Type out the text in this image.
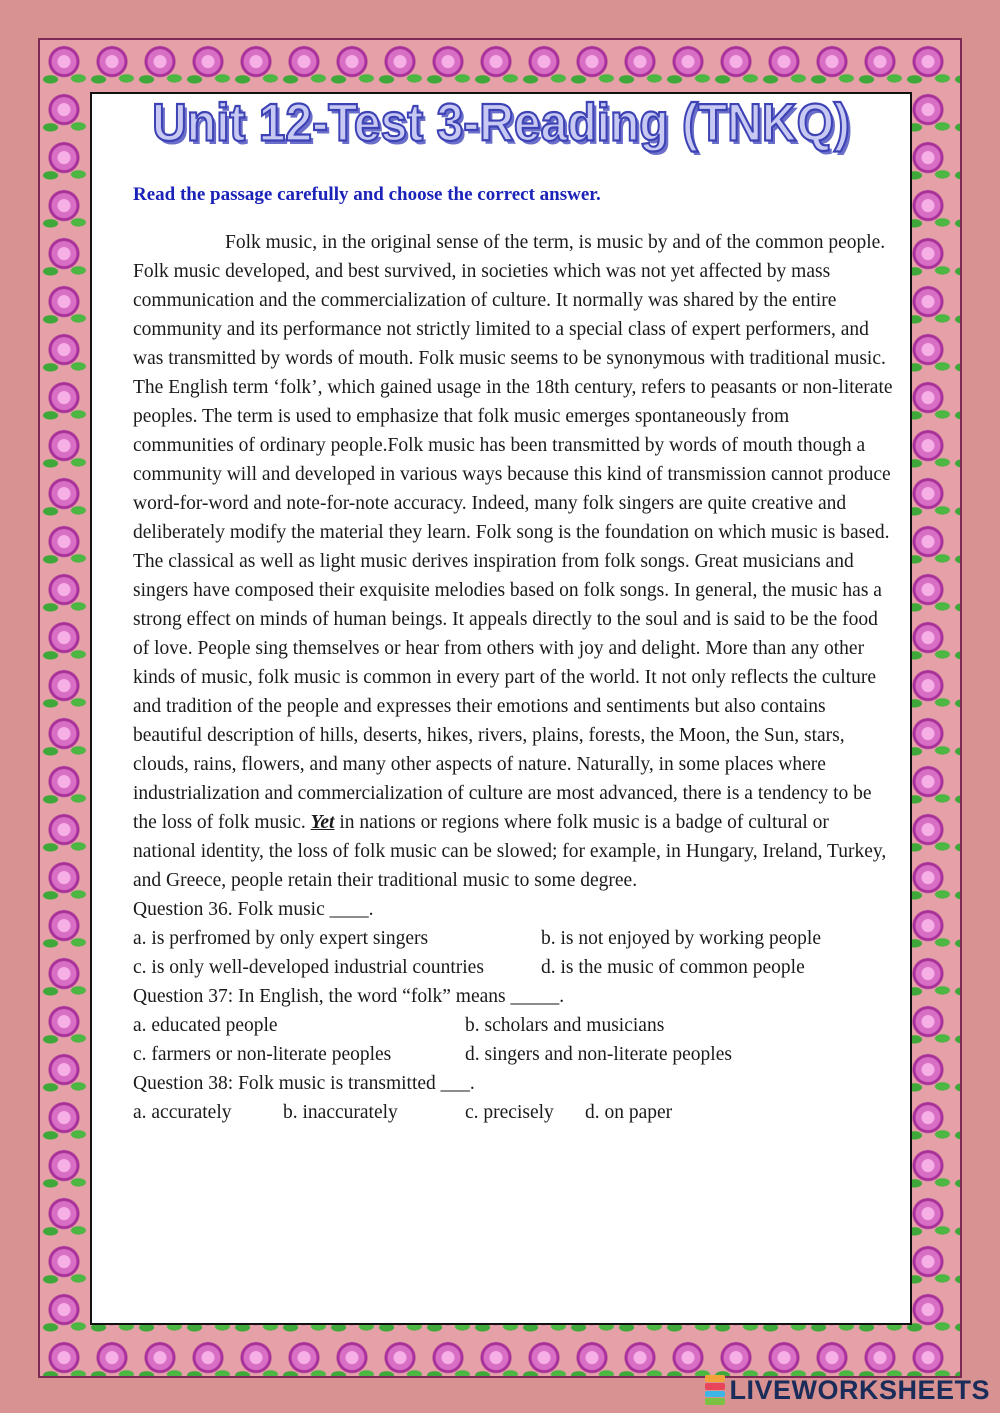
Unit 12-Test 3-Reading (TNKQ)
Read the passage carefully and choose the correct answer.

Folk music, in the original sense of the term, is music by and of the common people. Folk music developed, and best survived, in societies which was not yet affected by mass communication and the commercialization of culture. It normally was shared by the entire community and its performance not strictly limited to a special class of expert performers, and was transmitted by words of mouth. Folk music seems to be synonymous with traditional music. The English term ‘folk’, which gained usage in the 18th century, refers to peasants or non-literate peoples. The term is used to emphasize that folk music emerges spontaneously from communities of ordinary people.Folk music has been transmitted by words of mouth though a community will and developed in various ways because this kind of transmission cannot produce word-for-word and note-for-note accuracy. Indeed, many folk singers are quite creative and deliberately modify the material they learn. Folk song is the foundation on which music is based. The classical as well as light music derives inspiration from folk songs. Great musicians and singers have composed their exquisite melodies based on folk songs. In general, the music has a strong effect on minds of human beings. It appeals directly to the soul and is said to be the food of love. People sing themselves or hear from others with joy and delight. More than any other kinds of music, folk music is common in every part of the world. It not only reflects the culture and tradition of the people and expresses their emotions and sentiments but also contains beautiful description of hills, deserts, hikes, rivers, plains, forests, the Moon, the Sun, stars, clouds, rains, flowers, and many other aspects of nature. Naturally, in some places where industrialization and commercialization of culture are most advanced, there is a tendency to be the loss of folk music. Yet in nations or regions where folk music is a badge of cultural or national identity, the loss of folk music can be slowed; for example, in Hungary, Ireland, Turkey, and Greece, people retain their traditional music to some degree.

Question 36. Folk music ____.

a. is perfromed by only expert singers	b. is not enjoyed by working people
c. is only well-developed industrial countries	d. is the music of common people

Question 37: In English, the word “folk” means _____.

a. educated people	b. scholars and musicians
c. farmers or non-literate peoples	d. singers and non-literate peoples

Question 38: Folk music is transmitted ___.

a. accurately	b. inaccurately	c. precisely	d. on paper
LIVEWORKSHEETS
